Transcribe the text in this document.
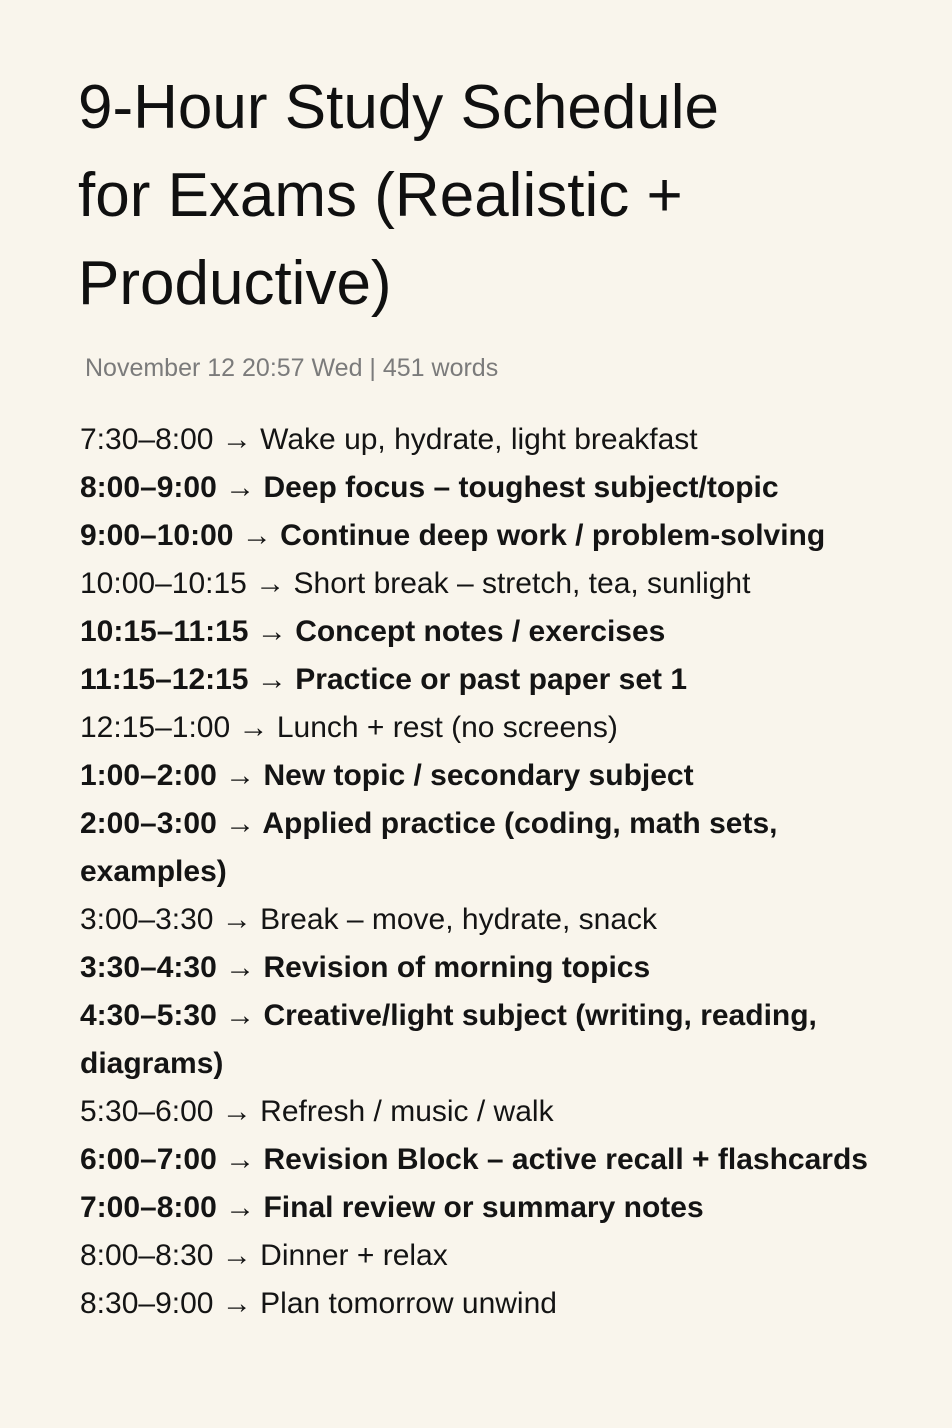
9-Hour Study Schedule for Exams (Realistic + Productive)
November 12 20:57 Wed | 451 words
7:30–8:00 → Wake up, hydrate, light breakfast
8:00–9:00 → Deep focus – toughest subject/topic
9:00–10:00 → Continue deep work / problem-solving
10:00–10:15 → Short break – stretch, tea, sunlight
10:15–11:15 → Concept notes / exercises
11:15–12:15 → Practice or past paper set 1
12:15–1:00 → Lunch + rest (no screens)
1:00–2:00 → New topic / secondary subject
2:00–3:00 → Applied practice (coding, math sets, examples)
3:00–3:30 → Break – move, hydrate, snack
3:30–4:30 → Revision of morning topics
4:30–5:30 → Creative/light subject (writing, reading, diagrams)
5:30–6:00 → Refresh / music / walk
6:00–7:00 → Revision Block – active recall + flashcards
7:00–8:00 → Final review or summary notes
8:00–8:30 → Dinner + relax
8:30–9:00 → Plan tomorrow unwind
